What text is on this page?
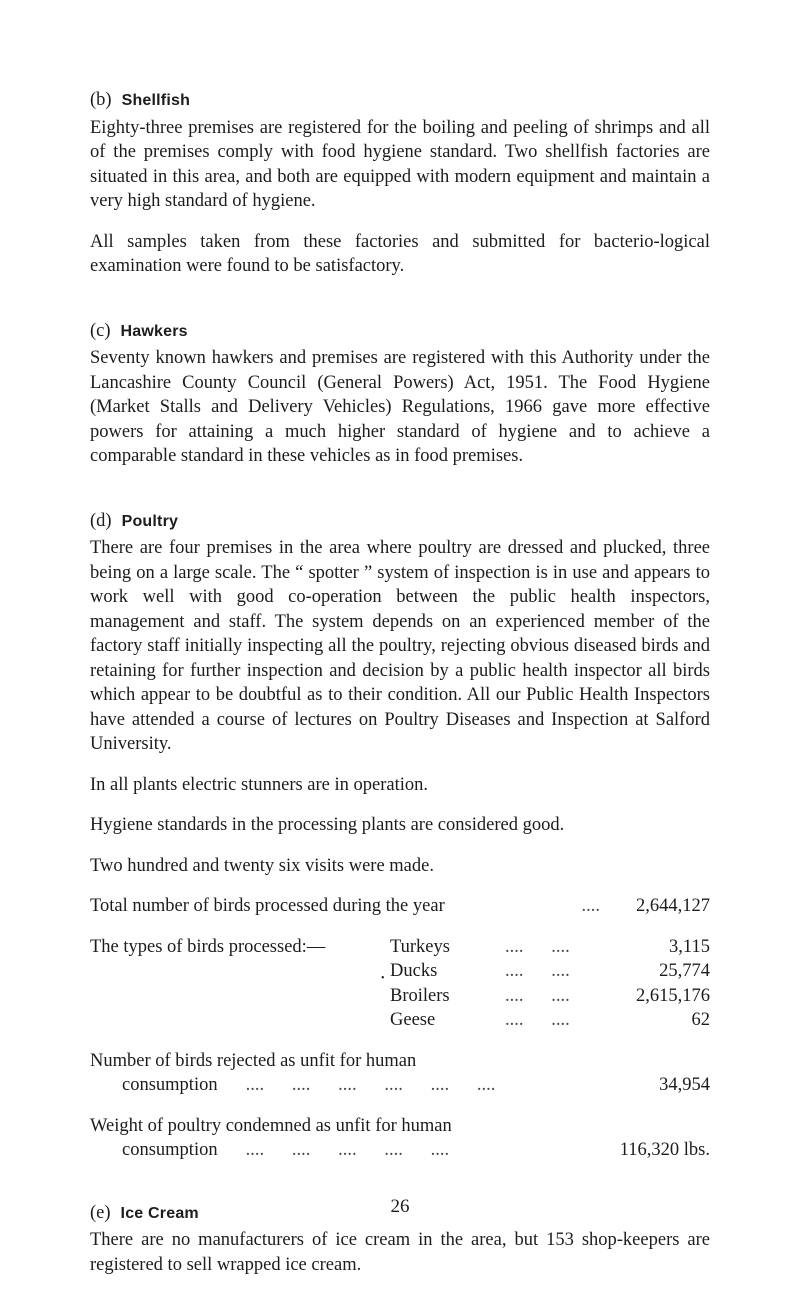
(b) Shellfish

Eighty-three premises are registered for the boiling and peeling of shrimps and all of the premises comply with food hygiene standard. Two shellfish factories are situated in this area, and both are equipped with modern equipment and maintain a very high standard of hygiene.

All samples taken from these factories and submitted for bacterio-logical examination were found to be satisfactory.

(c) Hawkers

Seventy known hawkers and premises are registered with this Authority under the Lancashire County Council (General Powers) Act, 1951. The Food Hygiene (Market Stalls and Delivery Vehicles) Regulations, 1966 gave more effective powers for attaining a much higher standard of hygiene and to achieve a comparable standard in these vehicles as in food premises.

(d) Poultry

There are four premises in the area where poultry are dressed and plucked, three being on a large scale. The “ spotter ” system of inspection is in use and appears to work well with good co-operation between the public health inspectors, management and staff. The system depends on an experienced member of the factory staff initially inspecting all the poultry, rejecting obvious diseased birds and retaining for further inspection and decision by a public health inspector all birds which appear to be doubtful as to their condition. All our Public Health Inspectors have attended a course of lectures on Poultry Diseases and Inspection at Salford University.

In all plants electric stunners are in operation.

Hygiene standards in the processing plants are considered good.

Two hundred and twenty six visits were made.

Total number of birds processed during the year	....	2,644,127
•
The types of birds processed:—	Turkeys	....      ....	3,115
Ducks	....      ....	25,774
Broilers	....      ....	2,615,176
Geese	....      ....	62
Number of birds rejected as unfit for human
consumption ....      ....      ....      ....      ....      ....	34,954
Weight of poultry condemned as unfit for human
consumption ....      ....      ....      ....      ....	116,320 lbs.
(e) Ice Cream

There are no manufacturers of ice cream in the area, but 153 shop-keepers are registered to sell wrapped ice cream.

26
